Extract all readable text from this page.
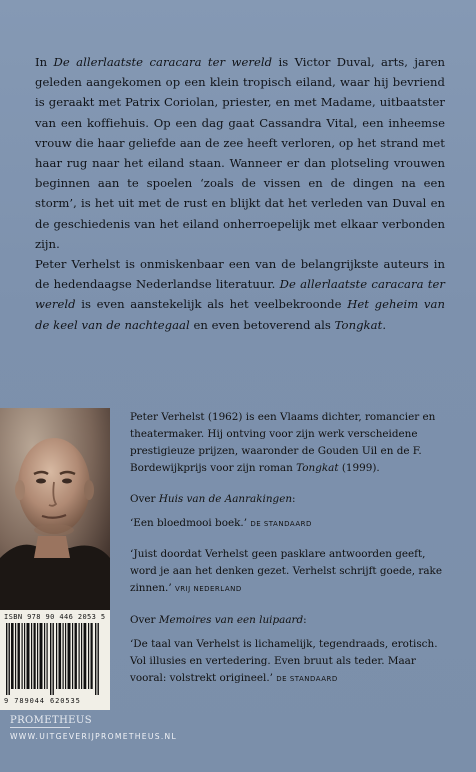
In De allerlaatste caracara ter wereld is Victor Duval, arts, jaren geleden aangekomen op een klein tropisch eiland, waar hij bevriend is geraakt met Patrix Coriolan, priester, en met Madame, uitbaatster van een koffiehuis. Op een dag gaat Cassandra Vital, een inheemse vrouw die haar geliefde aan de zee heeft verloren, op het strand met haar rug naar het eiland staan. Wanneer er dan plotseling vrouwen beginnen aan te spoelen ‘zoals de vissen en de dingen na een storm’, is het uit met de rust en blijkt dat het verleden van Duval en de geschiedenis van het eiland onherroepelijk met elkaar verbonden zijn.

Peter Verhelst is onmiskenbaar een van de belangrijkste auteurs in de hedendaagse Nederlandse literatuur. De allerlaatste caracara ter wereld is even aanstekelijk als het veelbekroonde Het geheim van de keel van de nachtegaal en even betoverend als Tongkat.

ISBN 978 90 446 2053 5
9 789044 620535

Peter Verhelst (1962) is een Vlaams dichter, romancier en theatermaker. Hij ontving voor zijn werk verscheidene prestigieuze prijzen, waaronder de Gouden Uil en de F. Bordewijkprijs voor zijn roman Tongkat (1999).

Over Huis van de Aanrakingen:

‘Een bloedmooi boek.’ DE STANDAARD

‘Juist doordat Verhelst geen pasklare antwoorden geeft, word je aan het denken gezet. Verhelst schrijft goede, rake zinnen.’ VRIJ NEDERLAND

Over Memoires van een luipaard:

‘De taal van Verhelst is lichamelijk, tegendraads, erotisch. Vol illusies en vertedering. Even bruut als teder. Maar vooral: volstrekt origineel.’ DE STANDAARD

PROMETHEUS
WWW.UITGEVERIJPROMETHEUS.NL
